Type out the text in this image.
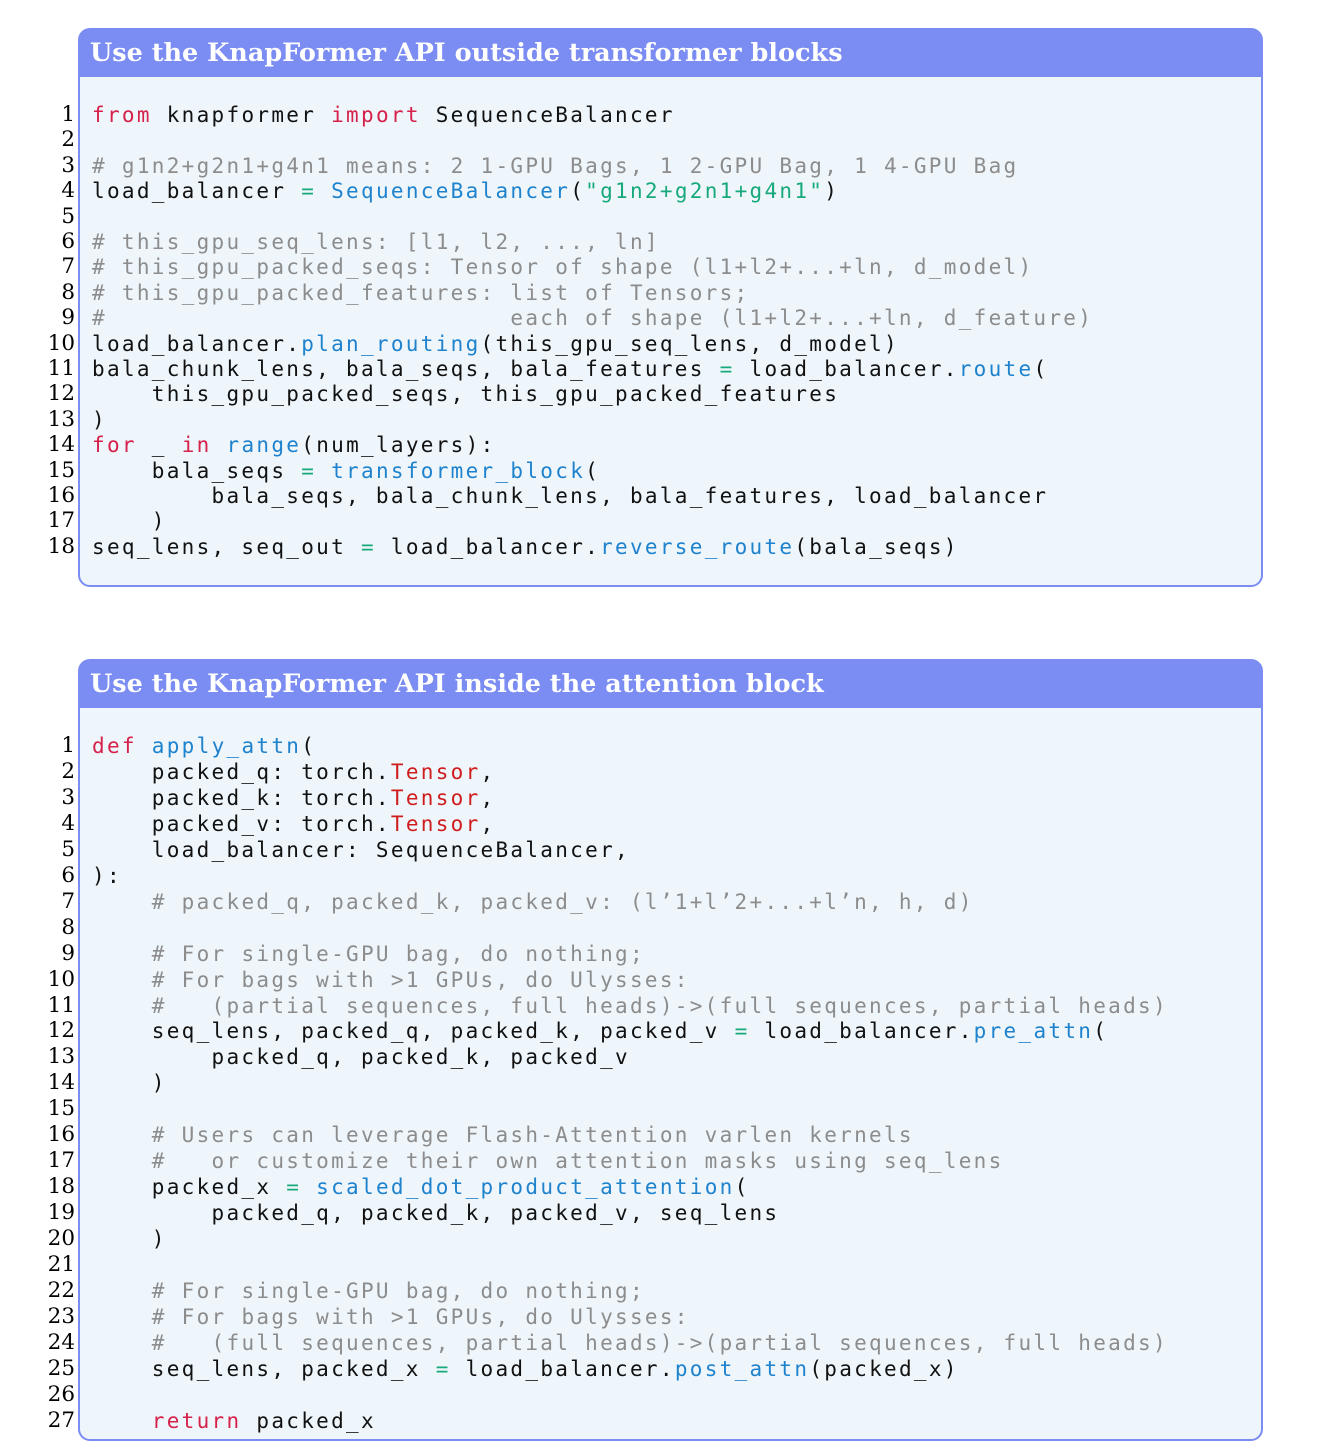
Use the KnapFormer API outside transformer blocks
1 from knapformer import SequenceBalancer
2
3 # g1n2+g2n1+g4n1 means: 2 1-GPU Bags, 1 2-GPU Bag, 1 4-GPU Bag
4 load_balancer = SequenceBalancer("g1n2+g2n1+g4n1")
5
6 # this_gpu_seq_lens: [l1, l2, ..., ln]
7 # this_gpu_packed_seqs: Tensor of shape (l1+l2+...+ln, d_model)
8 # this_gpu_packed_features: list of Tensors;
9 #                           each of shape (l1+l2+...+ln, d_feature)
10 load_balancer.plan_routing(this_gpu_seq_lens, d_model)
11 bala_chunk_lens, bala_seqs, bala_features = load_balancer.route(
12    this_gpu_packed_seqs, this_gpu_packed_features
13 )
14 for _ in range(num_layers):
15    bala_seqs = transformer_block(
16        bala_seqs, bala_chunk_lens, bala_features, load_balancer
17    )
18 seq_lens, seq_out = load_balancer.reverse_route(bala_seqs)
Use the KnapFormer API inside the attention block
1 def apply_attn(
2    packed_q: torch.Tensor,
3    packed_k: torch.Tensor,
4    packed_v: torch.Tensor,
5    load_balancer: SequenceBalancer,
6 ):
7	# packed_q, packed_k, packed_v: (l’1+l’2+...+l’n, h, d)
8
9	# For single-GPU bag, do nothing;
10	# For bags with >1 GPUs, do Ulysses:
11	#   (partial sequences, full heads)->(full sequences, partial heads)
12    seq_lens, packed_q, packed_k, packed_v = load_balancer.pre_attn(
13        packed_q, packed_k, packed_v
14    )
15
16	# Users can leverage Flash-Attention varlen kernels
17	#   or customize their own attention masks using seq_lens
18    packed_x = scaled_dot_product_attention(
19        packed_q, packed_k, packed_v, seq_lens
20    )
21
22	# For single-GPU bag, do nothing;
23	# For bags with >1 GPUs, do Ulysses:
24	#   (full sequences, partial heads)->(partial sequences, full heads)
25    seq_lens, packed_x = load_balancer.post_attn(packed_x)
26
27	return packed_x
